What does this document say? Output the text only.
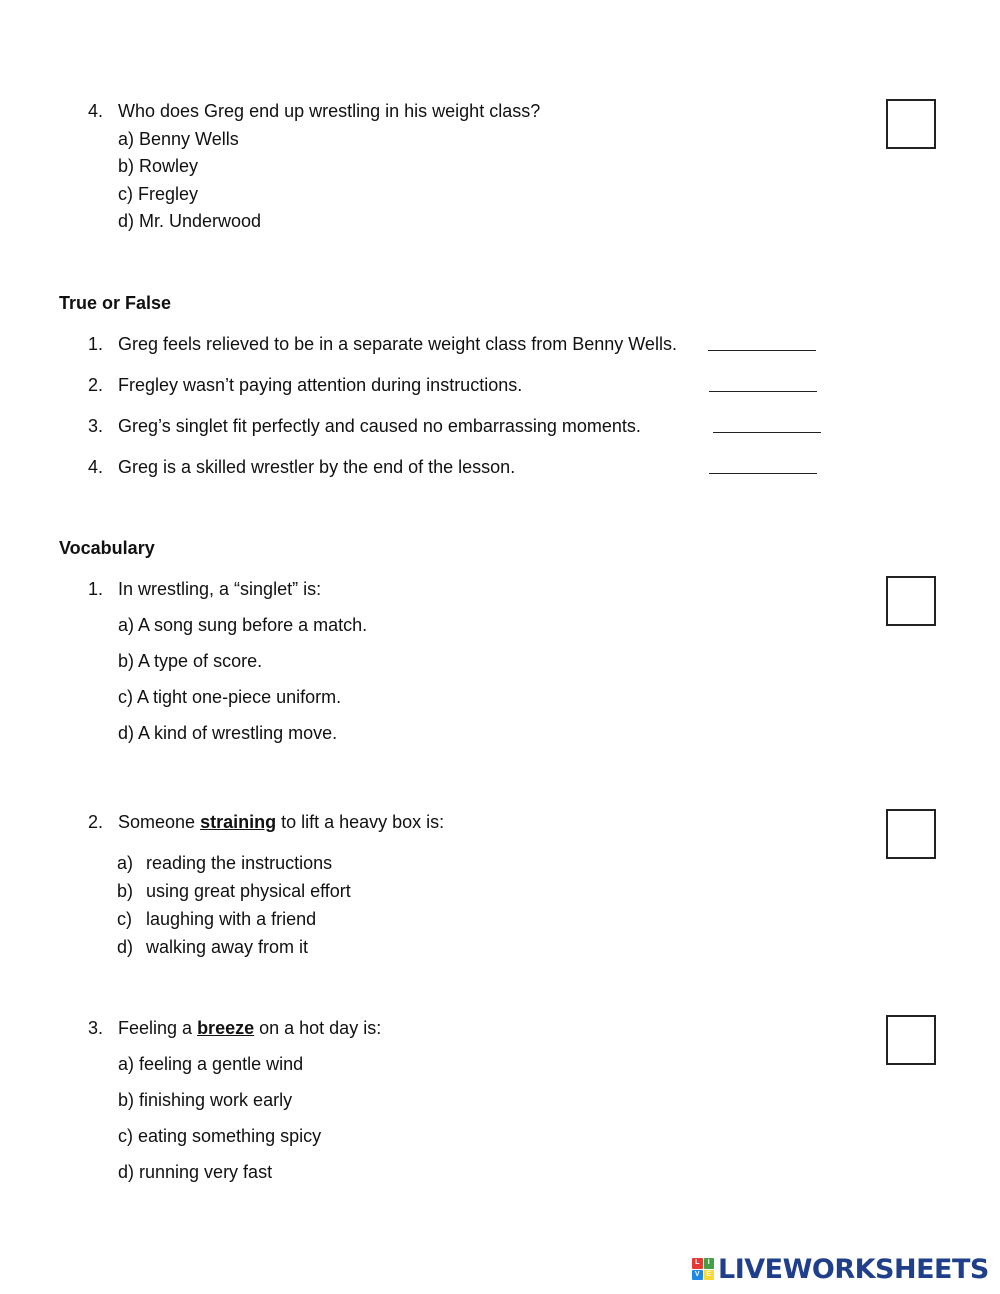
4. Who does Greg end up wrestling in his weight class?
a) Benny Wells
b) Rowley
c) Fregley
d) Mr. Underwood
True or False
1. Greg feels relieved to be in a separate weight class from Benny Wells.
2. Fregley wasn’t paying attention during instructions.
3. Greg’s singlet fit perfectly and caused no embarrassing moments.
4. Greg is a skilled wrestler by the end of the lesson.
Vocabulary
1. In wrestling, a “singlet” is:
a) A song sung before a match.
b) A type of score.
c) A tight one-piece uniform.
d) A kind of wrestling move.
2. Someone straining to lift a heavy box is:
a) reading the instructions
b) using great physical effort
c) laughing with a friend
d) walking away from it
3. Feeling a breeze on a hot day is:
a) feeling a gentle wind
b) finishing work early
c) eating something spicy
d) running very fast
L	I
V E LIVEWORKSHEETS
